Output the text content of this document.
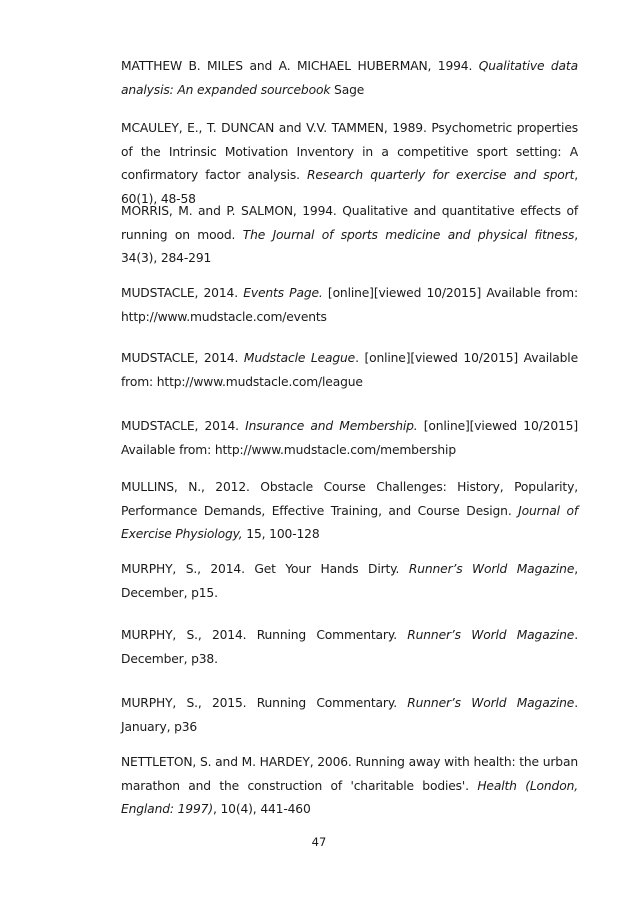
MATTHEW B. MILES and A. MICHAEL HUBERMAN, 1994. Qualitative data analysis: An expanded sourcebook Sage
MCAULEY, E., T. DUNCAN and V.V. TAMMEN, 1989. Psychometric properties of the Intrinsic Motivation Inventory in a competitive sport setting: A confirmatory factor analysis. Research quarterly for exercise and sport, 60(1), 48-58
MORRIS, M. and P. SALMON, 1994. Qualitative and quantitative effects of running on mood. The Journal of sports medicine and physical fitness, 34(3), 284-291
MUDSTACLE, 2014. Events Page. [online][viewed 10/2015] Available from: http://www.mudstacle.com/events
MUDSTACLE, 2014. Mudstacle League. [online][viewed 10/2015] Available from: http://www.mudstacle.com/league
MUDSTACLE, 2014. Insurance and Membership. [online][viewed 10/2015] Available from: http://www.mudstacle.com/membership
MULLINS, N., 2012. Obstacle Course Challenges: History, Popularity, Performance Demands, Effective Training, and Course Design. Journal of Exercise Physiology, 15, 100-128
MURPHY, S., 2014. Get Your Hands Dirty. Runner’s World Magazine, December, p15.
MURPHY, S., 2014. Running Commentary. Runner’s World Magazine. December, p38.
MURPHY, S., 2015. Running Commentary. Runner’s World Magazine. January, p36
NETTLETON, S. and M. HARDEY, 2006. Running away with health: the urban marathon and the construction of 'charitable bodies'. Health (London, England: 1997), 10(4), 441-460
47
